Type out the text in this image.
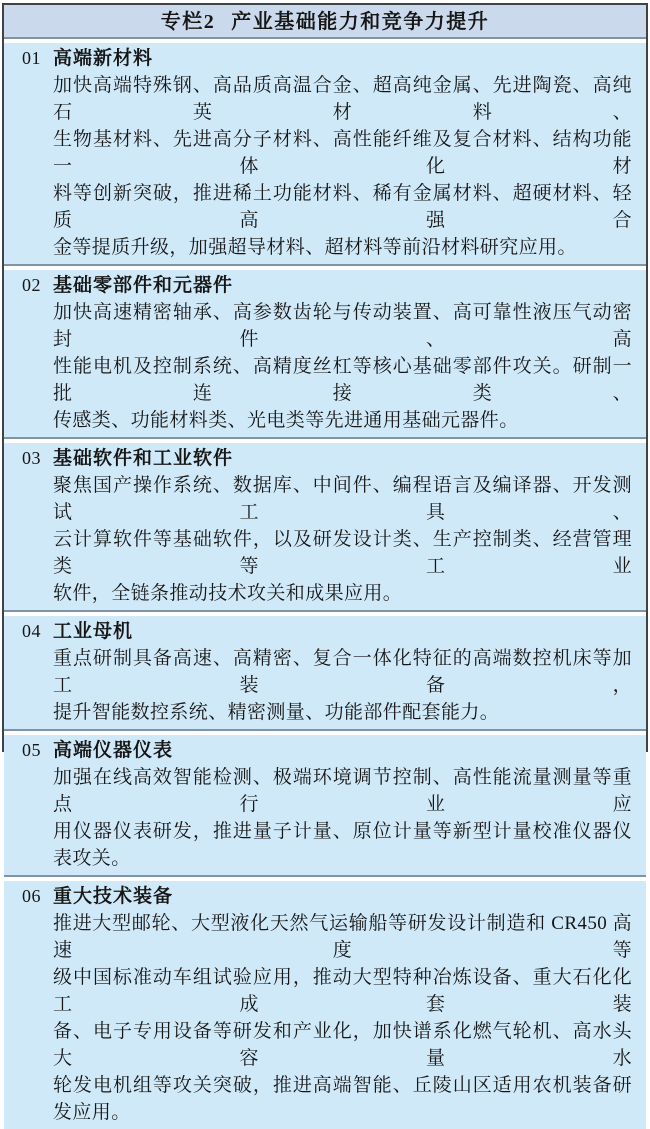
专栏2 产业基础能力和竞争力提升
01 高端新材料
加快高端特殊钢、高品质高温合金、超高纯金属、先进陶瓷、高纯石英材料、
生物基材料、先进高分子材料、高性能纤维及复合材料、结构功能一体化材
料等创新突破，推进稀土功能材料、稀有金属材料、超硬材料、轻质高强合
金等提质升级，加强超导材料、超材料等前沿材料研究应用。
02 基础零部件和元器件
加快高速精密轴承、高参数齿轮与传动装置、高可靠性液压气动密封件、高
性能电机及控制系统、高精度丝杠等核心基础零部件攻关。研制一批连接类、
传感类、功能材料类、光电类等先进通用基础元器件。
03 基础软件和工业软件
聚焦国产操作系统、数据库、中间件、编程语言及编译器、开发测试工具、
云计算软件等基础软件，以及研发设计类、生产控制类、经营管理类等工业
软件，全链条推动技术攻关和成果应用。
04 工业母机
重点研制具备高速、高精密、复合一体化特征的高端数控机床等加工装备，
提升智能数控系统、精密测量、功能部件配套能力。
05 高端仪器仪表
加强在线高效智能检测、极端环境调节控制、高性能流量测量等重点行业应
用仪器仪表研发，推进量子计量、原位计量等新型计量校准仪器仪表攻关。
06 重大技术装备
推进大型邮轮、大型液化天然气运输船等研发设计制造和 CR450 高速度等
级中国标准动车组试验应用，推动大型特种冶炼设备、重大石化化工成套装
备、电子专用设备等研发和产业化，加快谱系化燃气轮机、高水头大容量水
轮发电机组等攻关突破，推进高端智能、丘陵山区适用农机装备研发应用。
